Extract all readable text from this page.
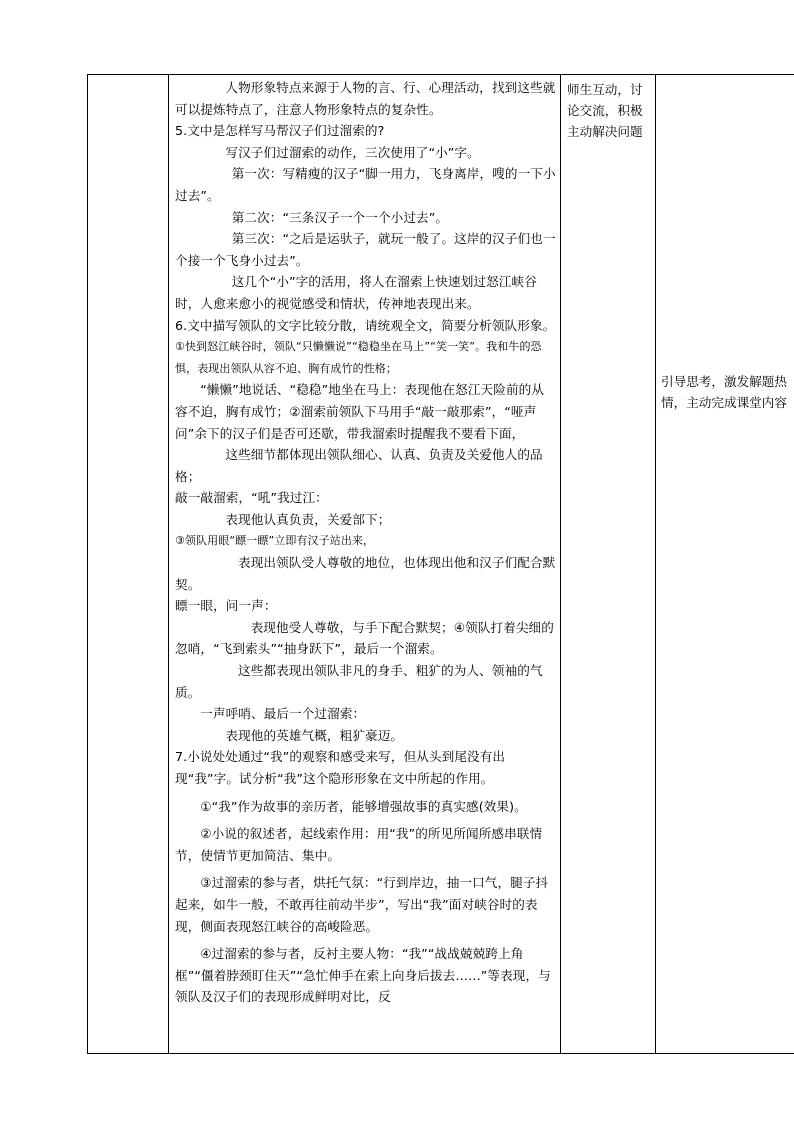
人物形象特点来源于人物的言、行、心理活动，找到这些就可以提炼特点了，注意人物形象特点的复杂性。

5.文中是怎样写马帮汉子们过溜索的?

写汉子们过溜索的动作，三次使用了“小”字。

第一次：写精瘦的汉子“脚一用力，飞身离岸，嗖的一下小过去”。

第二次：“三条汉子一个一个小过去”。

第三次：“之后是运驮子，就玩一般了。这岸的汉子们也一个接一个飞身小过去”。

这几个“小”字的活用，将人在溜索上快速划过怒江峡谷时，人愈来愈小的视觉感受和情状，传神地表现出来。

6.文中描写领队的文字比较分散，请统观全文，简要分析领队形象。

①快到怒江峡谷时，领队“只懒懒说”“稳稳坐在马上”“笑一笑”。我和牛的恐惧，表现出领队从容不迫、胸有成竹的性格；

“懒懒”地说话、“稳稳”地坐在马上：表现他在怒江天险前的从容不迫，胸有成竹；②溜索前领队下马用手“敲一敲那索”，“哑声问”余下的汉子们是否可还歇，带我溜索时提醒我不要看下面，

这些细节都体现出领队细心、认真、负责及关爱他人的品格；

敲一敲溜索，“吼”我过江：

表现他认真负责，关爱部下；

③领队用眼“瞟一瞟”立即有汉子站出来，

表现出领队受人尊敬的地位，也体现出他和汉子们配合默契。

瞟一眼，问一声：

表现他受人尊敬，与手下配合默契；④领队打着尖细的忽哨，“飞到索头”“抽身跃下”，最后一个溜索。

这些都表现出领队非凡的身手、粗犷的为人、领袖的气质。

一声呼哨、最后一个过溜索：

表现他的英雄气概，粗犷豪迈。

7.小说处处通过“我”的观察和感受来写，但从头到尾没有出现“我”字。试分析“我”这个隐形形象在文中所起的作用。

①“我”作为故事的亲历者，能够增强故事的真实感(效果)。

②小说的叙述者，起线索作用：用“我”的所见所闻所感串联情节，使情节更加简洁、集中。

③过溜索的参与者，烘托气氛：“行到岸边，抽一口气，腿子抖起来，如牛一般，不敢再往前动半步”，写出“我”面对峡谷时的表现，侧面表现怒江峡谷的高峻险恶。

④过溜索的参与者，反衬主要人物：“我”“战战兢兢跨上角框”“僵着脖颈盯住天”“急忙伸手在索上向身后拔去……”等表现，与领队及汉子们的表现形成鲜明对比，反

	师生互动，讨论交流，积极主动解决问题	引导思考，激发解题热情，主动完成课堂内容
